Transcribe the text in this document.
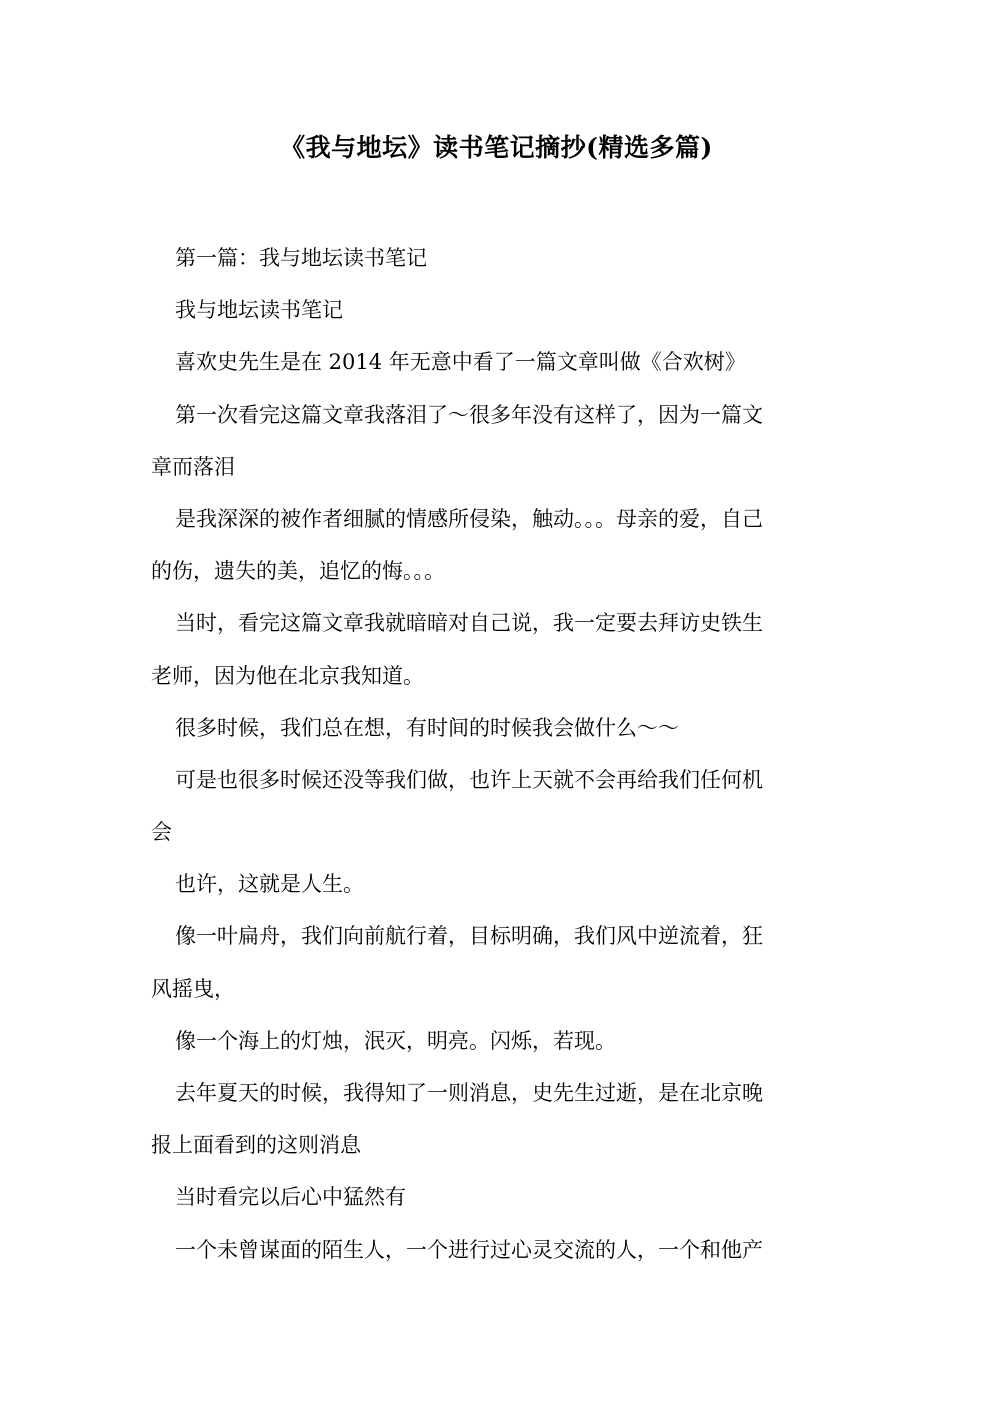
《我与地坛》读书笔记摘抄(精选多篇)
第一篇：我与地坛读书笔记
我与地坛读书笔记
喜欢史先生是在 2014 年无意中看了一篇文章叫做《合欢树》
第一次看完这篇文章我落泪了～很多年没有这样了，因为一篇文
章而落泪
是我深深的被作者细腻的情感所侵染，触动。。。母亲的爱，自己
的伤，遗失的美，追忆的悔。。。
当时，看完这篇文章我就暗暗对自己说，我一定要去拜访史铁生
老师，因为他在北京我知道。
很多时候，我们总在想，有时间的时候我会做什么～～
可是也很多时候还没等我们做，也许上天就不会再给我们任何机
会
也许，这就是人生。
像一叶扁舟，我们向前航行着，目标明确，我们风中逆流着，狂
风摇曳，
像一个海上的灯烛，泯灭，明亮。闪烁，若现。
去年夏天的时候，我得知了一则消息，史先生过逝，是在北京晚
报上面看到的这则消息
当时看完以后心中猛然有
一个未曾谋面的陌生人，一个进行过心灵交流的人，一个和他产
